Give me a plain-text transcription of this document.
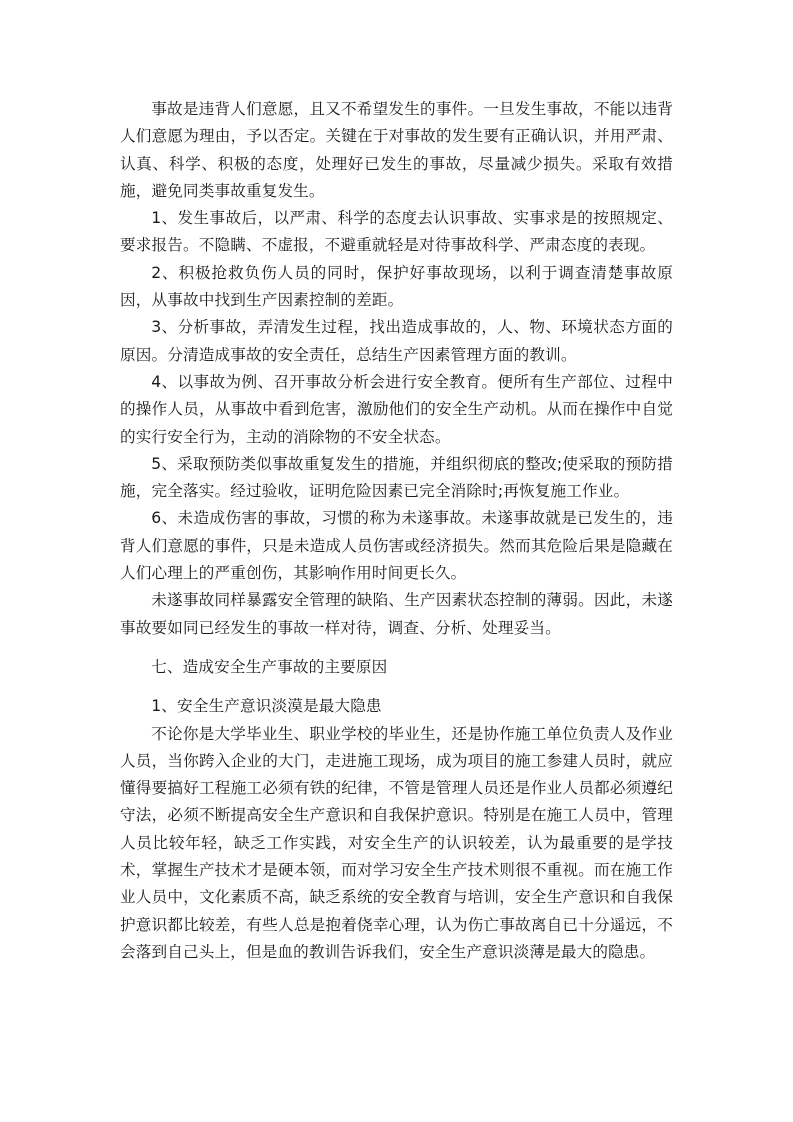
事故是违背人们意愿，且又不希望发生的事件。一旦发生事故，不能以违背人们意愿为理由，予以否定。关键在于对事故的发生要有正确认识，并用严肃、认真、科学、积极的态度，处理好已发生的事故，尽量减少损失。采取有效措施，避免同类事故重复发生。

1、发生事故后，以严肃、科学的态度去认识事故、实事求是的按照规定、要求报告。不隐瞒、不虚报，不避重就轻是对待事故科学、严肃态度的表现。

2、积极抢救负伤人员的同时，保护好事故现场，以利于调查清楚事故原因，从事故中找到生产因素控制的差距。

3、分析事故，弄清发生过程，找出造成事故的，人、物、环境状态方面的原因。分清造成事故的安全责任，总结生产因素管理方面的教训。

4、以事故为例、召开事故分析会进行安全教育。便所有生产部位、过程中的操作人员，从事故中看到危害，激励他们的安全生产动机。从而在操作中自觉的实行安全行为，主动的消除物的不安全状态。

5、采取预防类似事故重复发生的措施，并组织彻底的整改;使采取的预防措施，完全落实。经过验收，证明危险因素已完全消除时;再恢复施工作业。

6、未造成伤害的事故，习惯的称为未遂事故。未遂事故就是已发生的，违背人们意愿的事件，只是未造成人员伤害或经济损失。然而其危险后果是隐藏在人们心理上的严重创伤，其影响作用时间更长久。

未遂事故同样暴露安全管理的缺陷、生产因素状态控制的薄弱。因此，未遂事故要如同已经发生的事故一样对待，调查、分析、处理妥当。

七、造成安全生产事故的主要原因

1、安全生产意识淡漠是最大隐患

不论你是大学毕业生、职业学校的毕业生，还是协作施工单位负责人及作业人员，当你跨入企业的大门，走进施工现场，成为项目的施工参建人员时，就应懂得要搞好工程施工必须有铁的纪律，不管是管理人员还是作业人员都必须遵纪守法，必须不断提高安全生产意识和自我保护意识。特别是在施工人员中，管理人员比较年轻，缺乏工作实践，对安全生产的认识较差，认为最重要的是学技术，掌握生产技术才是硬本领，而对学习安全生产技术则很不重视。而在施工作业人员中，文化素质不高，缺乏系统的安全教育与培训，安全生产意识和自我保护意识都比较差，有些人总是抱着侥幸心理，认为伤亡事故离自已十分遥远，不会落到自己头上，但是血的教训告诉我们，安全生产意识淡薄是最大的隐患。
